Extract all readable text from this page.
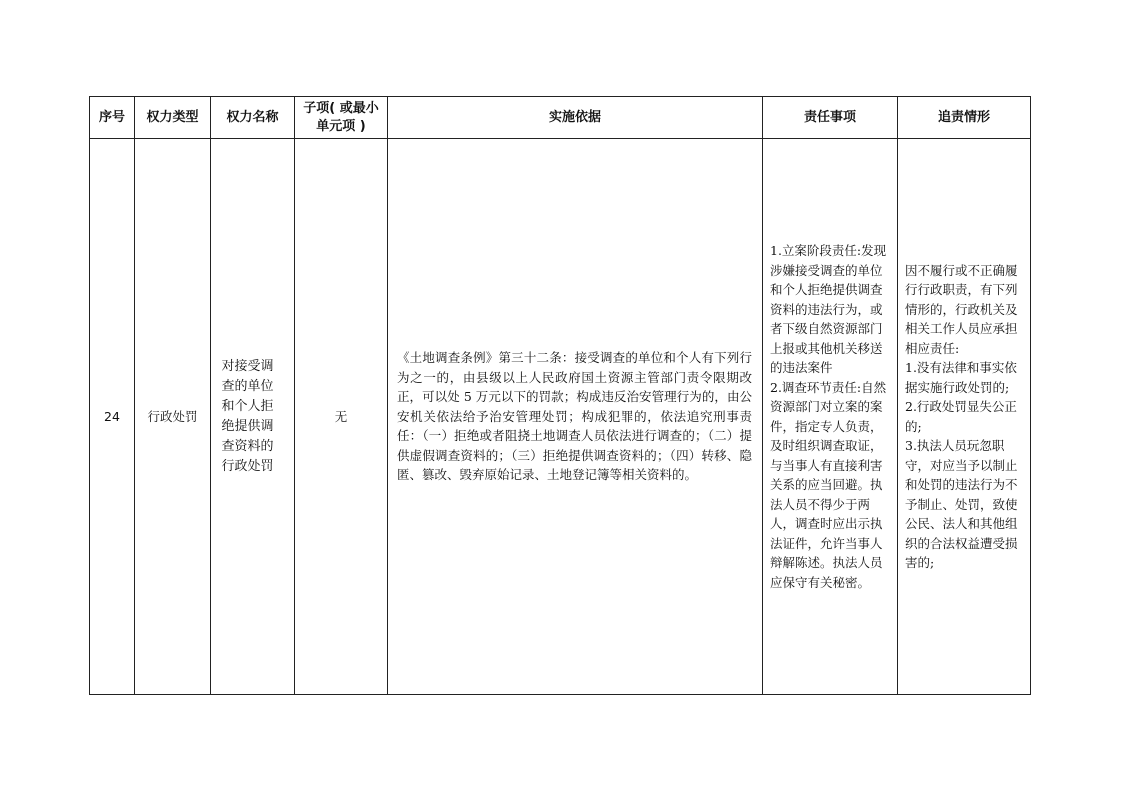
序号	权力类型	权力名称	子项( 或最小
单元项 )	实施依据	责任事项	追责情形
24	行政处罚	对接受调查的单位和个人拒绝提供调查资料的行政处罚	无	《土地调查条例》第三十二条：接受调查的单位和个人有下列行为之一的，由县级以上人民政府国土资源主管部门责令限期改正，可以处 5 万元以下的罚款；构成违反治安管理行为的，由公安机关依法给予治安管理处罚；构成犯罪的，依法追究刑事责任：（一）拒绝或者阻挠土地调查人员依法进行调查的；（二）提供虚假调查资料的；（三）拒绝提供调查资料的；（四）转移、隐匿、篡改、毁弃原始记录、土地登记簿等相关资料的。	1.立案阶段责任:发现涉嫌接受调查的单位和个人拒绝提供调查资料的违法行为，或者下级自然资源部门上报或其他机关移送的违法案件
2.调查环节责任:自然资源部门对立案的案件，指定专人负责，及时组织调查取证，与当事人有直接利害关系的应当回避。执法人员不得少于两人，调查时应出示执法证件，允许当事人辩解陈述。执法人员应保守有关秘密。	因不履行或不正确履行行政职责，有下列情形的，行政机关及相关工作人员应承担相应责任:
1.没有法律和事实依据实施行政处罚的;
2.行政处罚显失公正的;
3.执法人员玩忽职守，对应当予以制止和处罚的违法行为不予制止、处罚，致使公民、法人和其他组织的合法权益遭受损害的;
